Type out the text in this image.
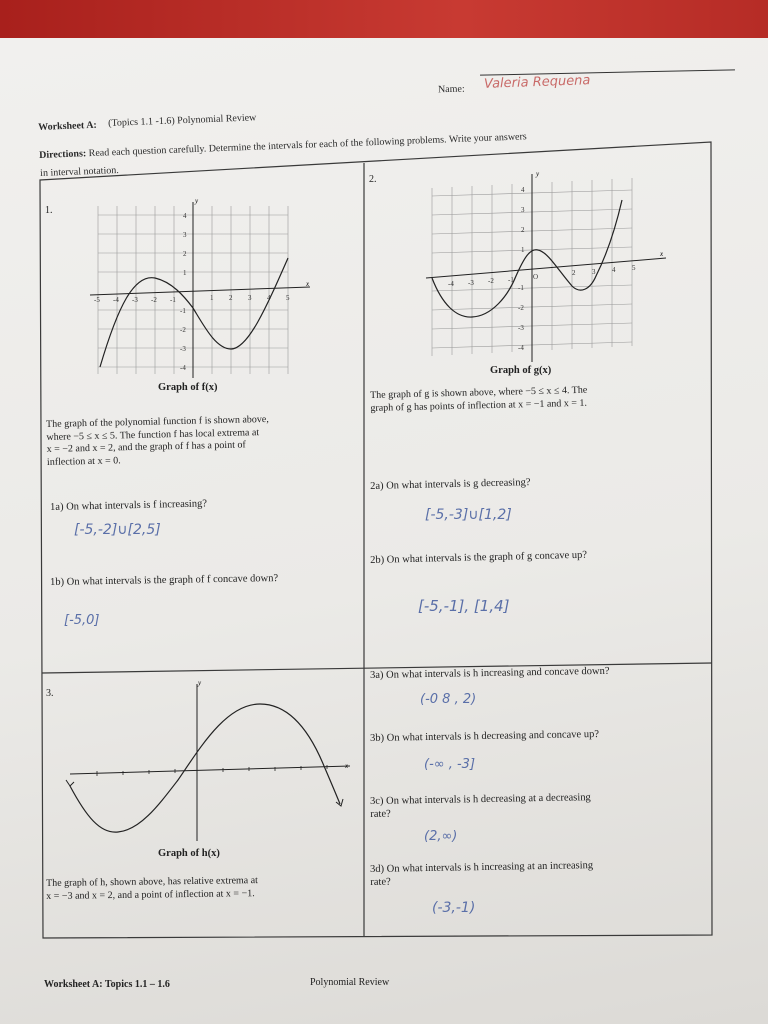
Worksheet A: (Topics 1.1 -1.6) Polynomial Review
Name: Valeria Requena
Directions: Read each question carefully. Determine the intervals for each of the following problems. Write your answers
in interval notation.
1.
y
x
-5 -4 -3 -2 -1	1 2 3 4 5
4
3
2
1
-1
-2
-3
-4
Graph of f(x)
The graph of the polynomial function f is shown above,
where −5 ≤ x ≤ 5. The function f has local extrema at
x = −2 and x = 2, and the graph of f has a point of
inflection at x = 0.
1a) On what intervals is f increasing?
[-5,-2]∪[2,5]
1b) On what intervals is the graph of f concave down?
[-5,0]
2.	y
x
-4 -3 -2 -1
2 3 4 5
O
4
3
2
1
-1
-2
-3
-4
Graph of g(x)
The graph of g is shown above, where −5 ≤ x ≤ 4. The
graph of g has points of inflection at x = −1 and x = 1.
2a) On what intervals is g decreasing?
[-5,-3]∪[1,2]
2b) On what intervals is the graph of g concave up?
[-5,-1], [1,4]
3.
y
x
Graph of h(x)
The graph of h, shown above, has relative extrema at
x = −3 and x = 2, and a point of inflection at x = −1.
3a) On what intervals is h increasing and concave down?
(-0 8 , 2)
3b) On what intervals is h decreasing and concave up?
(-∞ , -3]
3c) On what intervals is h decreasing at a decreasing
rate?
(2,∞)
3d) On what intervals is h increasing at an increasing
rate?
(-3,-1)
Worksheet A: Topics 1.1 – 1.6	Polynomial Review
